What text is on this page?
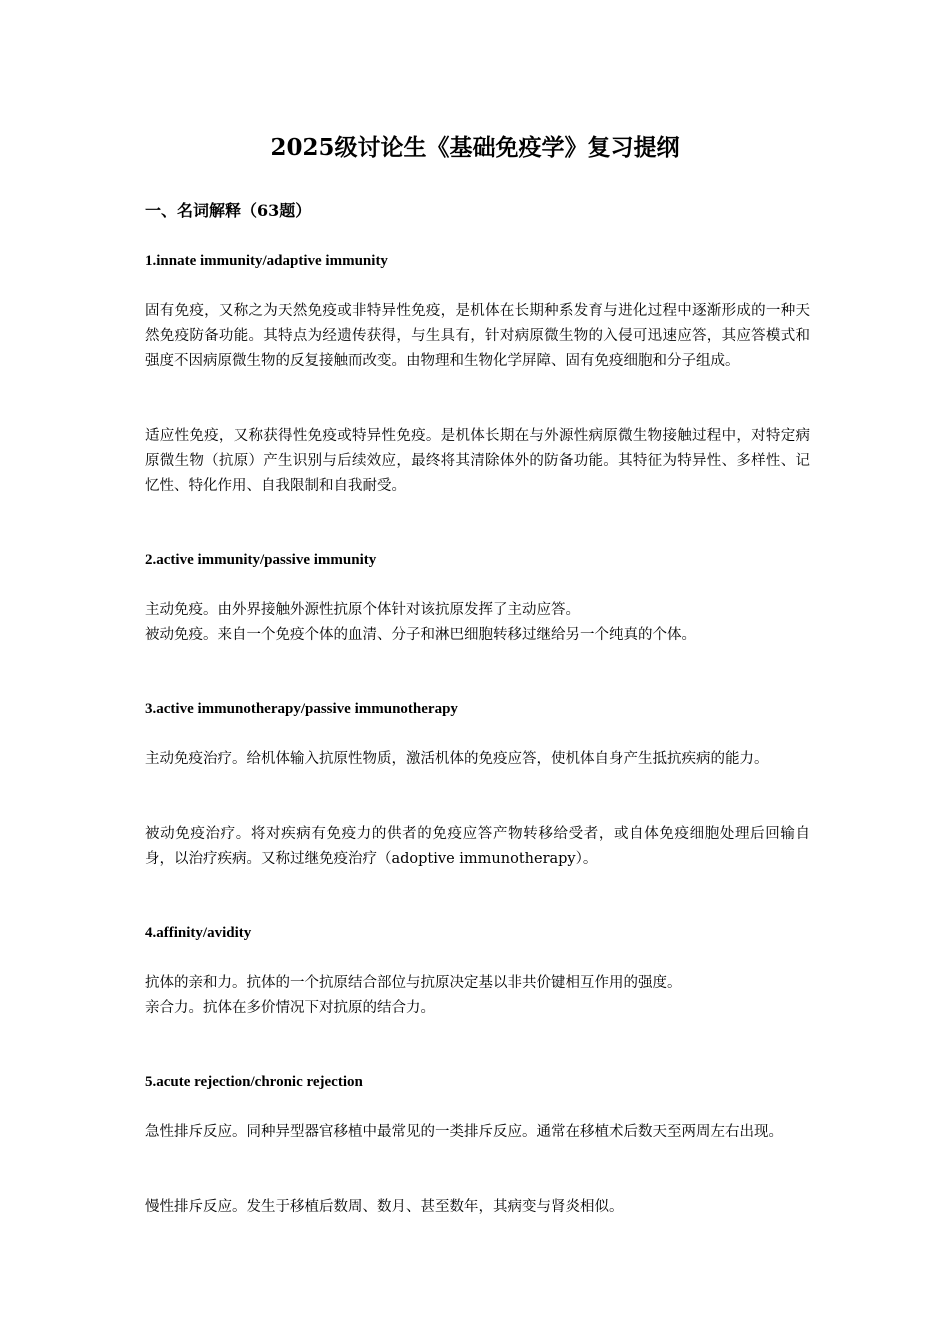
2025级讨论生《基础免疫学》复习提纲
一、名词解释（63题）
1.innate immunity/adaptive immunity

固有免疫，又称之为天然免疫或非特异性免疫，是机体在长期种系发育与进化过程中逐渐形成的一种天然免疫防备功能。其特点为经遗传获得，与生具有，针对病原微生物的入侵可迅速应答，其应答模式和强度不因病原微生物的反复接触而改变。由物理和生物化学屏障、固有免疫细胞和分子组成。

适应性免疫，又称获得性免疫或特异性免疫。是机体长期在与外源性病原微生物接触过程中，对特定病原微生物（抗原）产生识别与后续效应，最终将其清除体外的防备功能。其特征为特异性、多样性、记忆性、特化作用、自我限制和自我耐受。

2.active immunity/passive immunity

主动免疫。由外界接触外源性抗原个体针对该抗原发挥了主动应答。

被动免疫。来自一个免疫个体的血清、分子和淋巴细胞转移过继给另一个纯真的个体。

3.active immunotherapy/passive immunotherapy

主动免疫治疗。给机体输入抗原性物质，激活机体的免疫应答，使机体自身产生抵抗疾病的能力。

被动免疫治疗。将对疾病有免疫力的供者的免疫应答产物转移给受者，或自体免疫细胞处理后回输自身，以治疗疾病。又称过继免疫治疗（adoptive immunotherapy）。

4.affinity/avidity

抗体的亲和力。抗体的一个抗原结合部位与抗原决定基以非共价键相互作用的强度。

亲合力。抗体在多价情况下对抗原的结合力。

5.acute rejection/chronic rejection

急性排斥反应。同种异型器官移植中最常见的一类排斥反应。通常在移植术后数天至两周左右出现。

慢性排斥反应。发生于移植后数周、数月、甚至数年，其病变与肾炎相似。
